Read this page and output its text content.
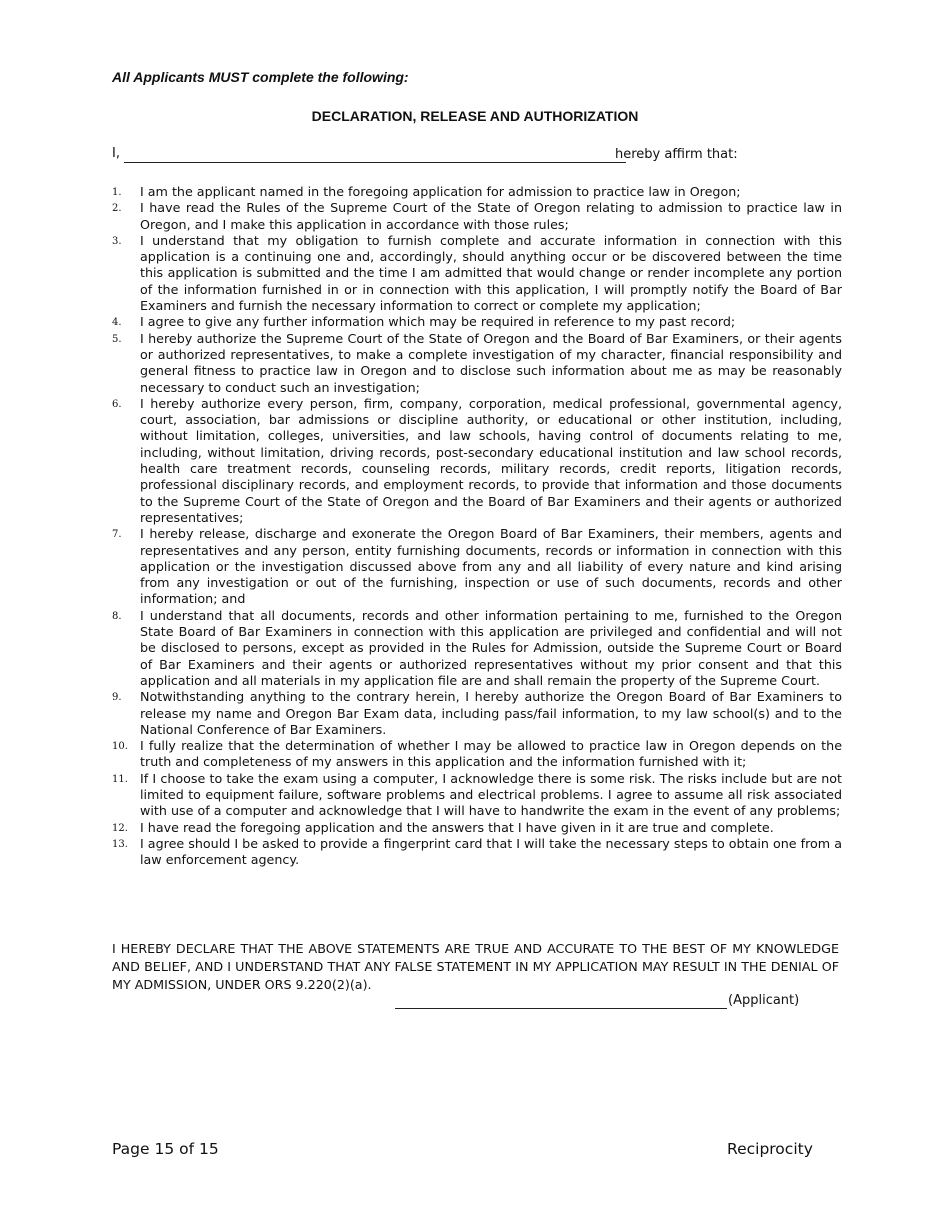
All Applicants MUST complete the following:
DECLARATION, RELEASE AND AUTHORIZATION
I,	hereby affirm that:
1. I am the applicant named in the foregoing application for admission to practice law in Oregon;
2. I have read the Rules of the Supreme Court of the State of Oregon relating to admission to practice law in Oregon, and I make this application in accordance with those rules;
3. I understand that my obligation to furnish complete and accurate information in connection with this application is a continuing one and, accordingly, should anything occur or be discovered between the time this application is submitted and the time I am admitted that would change or render incomplete any portion of the information furnished in or in connection with this application, I will promptly notify the Board of Bar Examiners and furnish the necessary information to correct or complete my application;
4. I agree to give any further information which may be required in reference to my past record;
5. I hereby authorize the Supreme Court of the State of Oregon and the Board of Bar Examiners, or their agents or authorized representatives, to make a complete investigation of my character, financial responsibility and general fitness to practice law in Oregon and to disclose such information about me as may be reasonably necessary to conduct such an investigation;
6. I hereby authorize every person, firm, company, corporation, medical professional, governmental agency, court, association, bar admissions or discipline authority, or educational or other institution, including, without limitation, colleges, universities, and law schools, having control of documents relating to me, including, without limitation, driving records, post-secondary educational institution and law school records, health care treatment records, counseling records, military records, credit reports, litigation records, professional disciplinary records, and employment records, to provide that information and those documents to the Supreme Court of the State of Oregon and the Board of Bar Examiners and their agents or authorized representatives;
7. I hereby release, discharge and exonerate the Oregon Board of Bar Examiners, their members, agents and representatives and any person, entity furnishing documents, records or information in connection with this application or the investigation discussed above from any and all liability of every nature and kind arising from any investigation or out of the furnishing, inspection or use of such documents, records and other information; and
8. I understand that all documents, records and other information pertaining to me, furnished to the Oregon State Board of Bar Examiners in connection with this application are privileged and confidential and will not be disclosed to persons, except as provided in the Rules for Admission, outside the Supreme Court or Board of Bar Examiners and their agents or authorized representatives without my prior consent and that this application and all materials in my application file are and shall remain the property of the Supreme Court.
9. Notwithstanding anything to the contrary herein, I hereby authorize the Oregon Board of Bar Examiners to release my name and Oregon Bar Exam data, including pass/fail information, to my law school(s) and to the National Conference of Bar Examiners.
10. I fully realize that the determination of whether I may be allowed to practice law in Oregon depends on the truth and completeness of my answers in this application and the information furnished with it;
11. If I choose to take the exam using a computer, I acknowledge there is some risk. The risks include but are not limited to equipment failure, software problems and electrical problems. I agree to assume all risk associated with use of a computer and acknowledge that I will have to handwrite the exam in the event of any problems;
12. I have read the foregoing application and the answers that I have given in it are true and complete.
13. I agree should I be asked to provide a fingerprint card that I will take the necessary steps to obtain one from a law enforcement agency.
I HEREBY DECLARE THAT THE ABOVE STATEMENTS ARE TRUE AND ACCURATE TO THE BEST OF MY KNOWLEDGE AND BELIEF, AND I UNDERSTAND THAT ANY FALSE STATEMENT IN MY APPLICATION MAY RESULT IN THE DENIAL OF MY ADMISSION, UNDER ORS 9.220(2)(a).
(Applicant)
Page 15 of 15	Reciprocity
